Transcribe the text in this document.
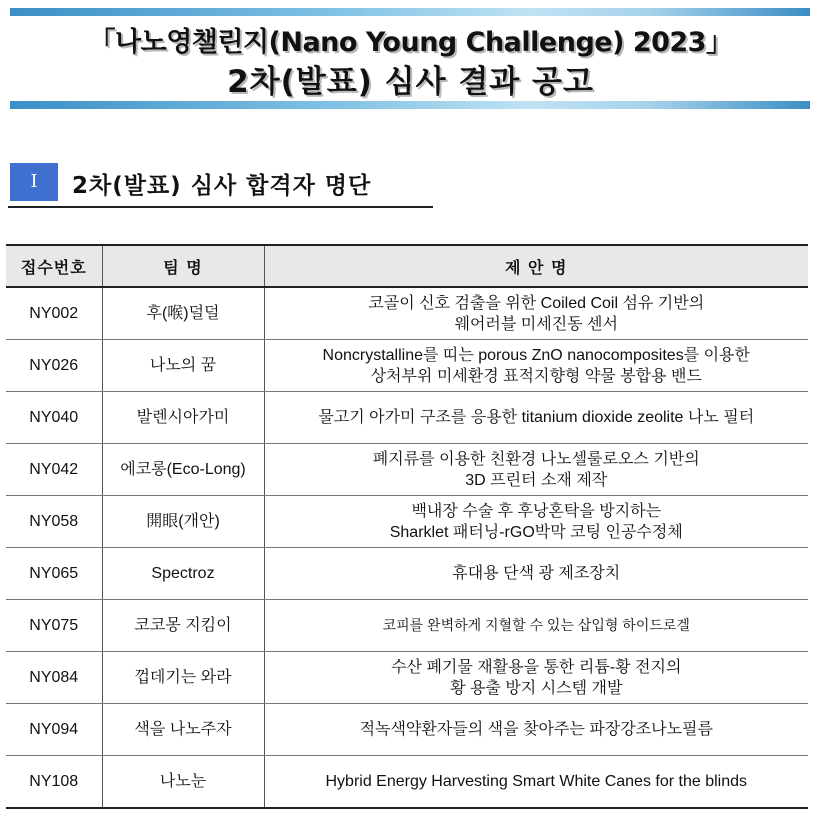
「나노영챌린지(Nano Young Challenge) 2023」
2차(발표) 심사 결과 공고
Ⅰ	2차(발표) 심사 합격자 명단
접수번호	팀 명	제 안 명
NY002	후(喉)덜덜	코골이 신호 검출을 위한 Coiled Coil 섬유 기반의
웨어러블 미세진동 센서

NY026	나노의 꿈	Noncrystalline를 띠는 porous ZnO nanocomposites를 이용한
상처부위 미세환경 표적지향형 약물 봉합용 밴드

NY040	발렌시아가미	물고기 아가미 구조를 응용한 titanium dioxide zeolite 나노 필터

NY042	에코롱(Eco-Long)	폐지류를 이용한 친환경 나노셀룰로오스 기반의
3D 프린터 소재 제작

NY058	開眼(개안)	백내장 수술 후 후낭혼탁을 방지하는
Sharklet 패터닝-rGO박막 코팅 인공수정체

NY065	Spectroz	휴대용 단색 광 제조장치

NY075	코코몽 지킴이	코피를 완벽하게 지혈할 수 있는 삽입형 하이드로겔

NY084	껍데기는 와라	수산 폐기물 재활용을 통한 리튬-황 전지의
황 용출 방지 시스템 개발

NY094	색을 나노주자	적녹색약환자들의 색을 찾아주는 파장강조나노필름

NY108	나노눈	Hybrid Energy Harvesting Smart White Canes for the blinds
